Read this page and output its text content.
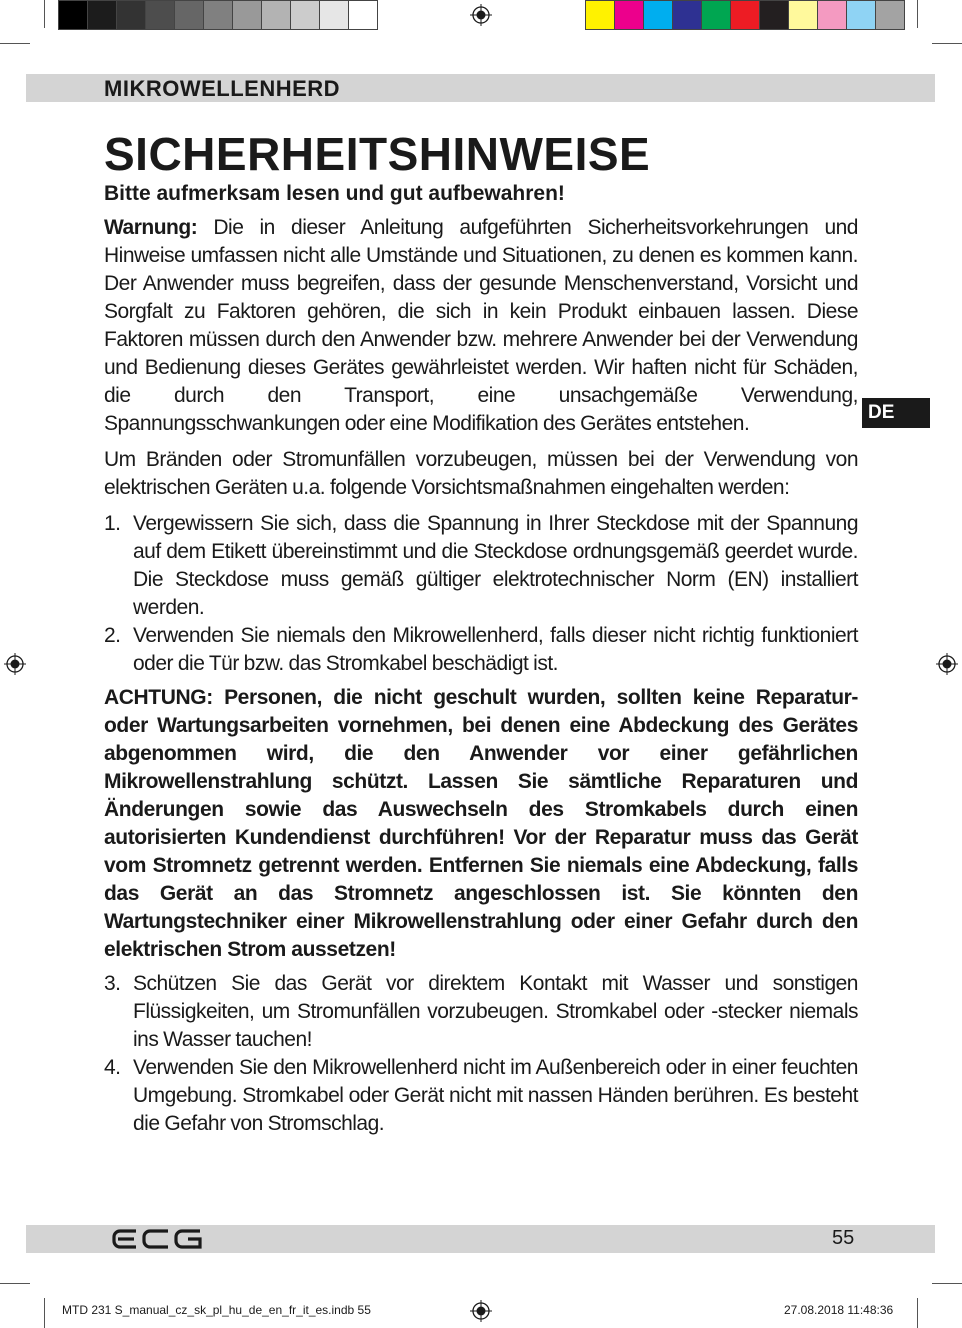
MIKROWELLENHERD
DE
SICHERHEITSHINWEISE
Bitte aufmerksam lesen und gut aufbewahren!

Warnung: Die in dieser Anleitung aufgeführten Sicherheitsvorkehrungen und Hinweise umfassen nicht alle Umstände und Situationen, zu denen es kommen kann. Der Anwender muss begreifen, dass der gesunde Menschenverstand, Vorsicht und Sorgfalt zu Faktoren gehören, die sich in kein Produkt einbauen lassen. Diese Faktoren müssen durch den Anwender bzw. mehrere Anwender bei der Verwendung und Bedienung dieses Gerätes gewährleistet werden. Wir haften nicht für Schäden, die durch den Transport, eine unsachgemäße Verwendung, Spannungsschwankungen oder eine Modifikation des Gerätes entstehen.

Um Bränden oder Stromunfällen vorzubeugen, müssen bei der Verwendung von elektrischen Geräten u.a. folgende Vorsichtsmaßnahmen eingehalten werden:

1. Vergewissern Sie sich, dass die Spannung in Ihrer Steckdose mit der Spannung auf dem Etikett übereinstimmt und die Steckdose ordnungsgemäß geerdet wurde. Die Steckdose muss gemäß gültiger elektrotechnischer Norm (EN) installiert werden.
2. Verwenden Sie niemals den Mikrowellenherd, falls dieser nicht richtig funktioniert oder die Tür bzw. das Stromkabel beschädigt ist.

ACHTUNG: Personen, die nicht geschult wurden, sollten keine Reparatur- oder Wartungsarbeiten vornehmen, bei denen eine Abdeckung des Gerätes abgenommen wird, die den Anwender vor einer gefährlichen Mikrowellenstrahlung schützt. Lassen Sie sämtliche Reparaturen und Änderungen sowie das Auswechseln des Stromkabels durch einen autorisierten Kundendienst durchführen! Vor der Reparatur muss das Gerät vom Stromnetz getrennt werden. Entfernen Sie niemals eine Abdeckung, falls das Gerät an das Stromnetz angeschlossen ist. Sie könnten den Wartungstechniker einer Mikrowellenstrahlung oder einer Gefahr durch den elektrischen Strom aussetzen!

3. Schützen Sie das Gerät vor direktem Kontakt mit Wasser und sonstigen Flüssigkeiten, um Stromunfällen vorzubeugen. Stromkabel oder -stecker niemals ins Wasser tauchen!
4. Verwenden Sie den Mikrowellenherd nicht im Außenbereich oder in einer feuchten Umgebung. Stromkabel oder Gerät nicht mit nassen Händen berühren. Es besteht die Gefahr von Stromschlag.
55
MTD 231 S_manual_cz_sk_pl_hu_de_en_fr_it_es.indb 55	27.08.2018 11:48:36
